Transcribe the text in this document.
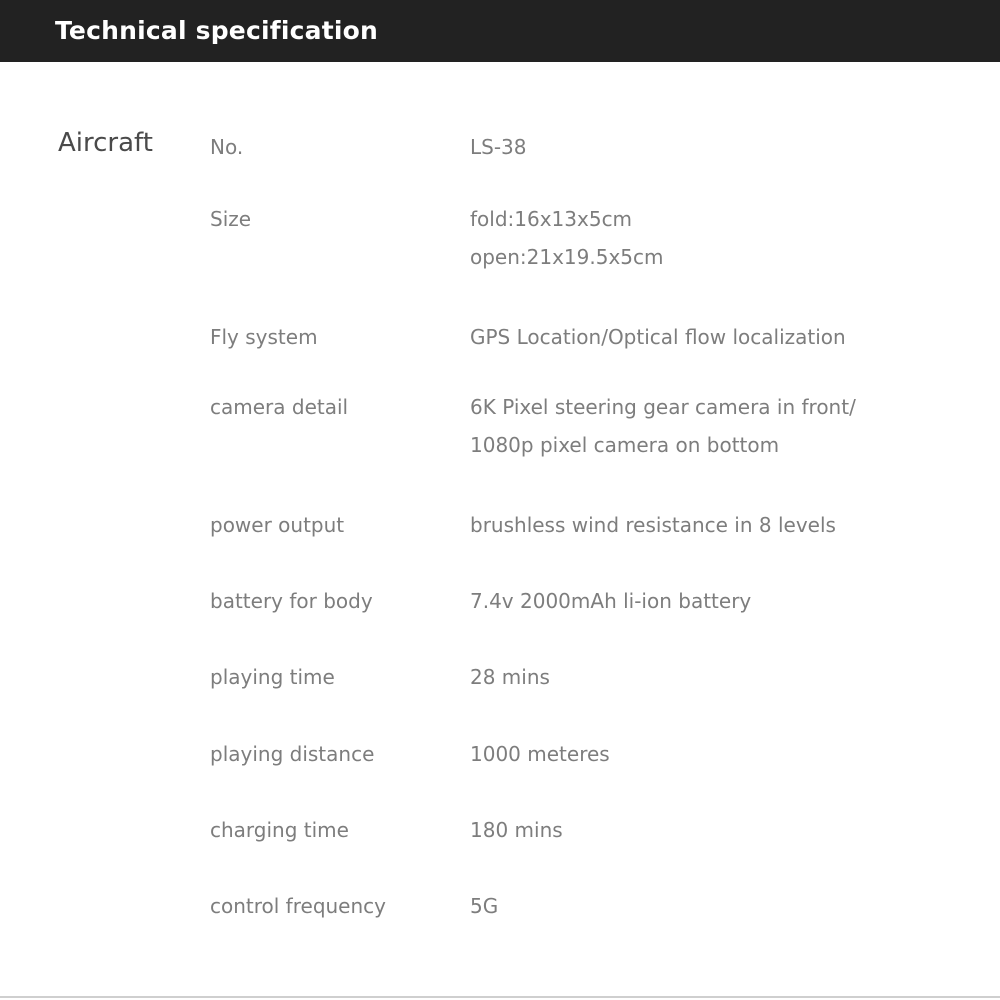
Technical specification
Aircraft	No.	LS-38
Size	fold:16x13x5cm
open:21x19.5x5cm
Fly system	GPS Location/Optical flow localization
camera detail	6K Pixel steering gear camera in front/
1080p pixel camera on bottom
power output	brushless wind resistance in 8 levels
battery for body	7.4v 2000mAh li-ion battery
playing time	28 mins
playing distance	1000 meteres
charging time	180 mins
control frequency	5G
